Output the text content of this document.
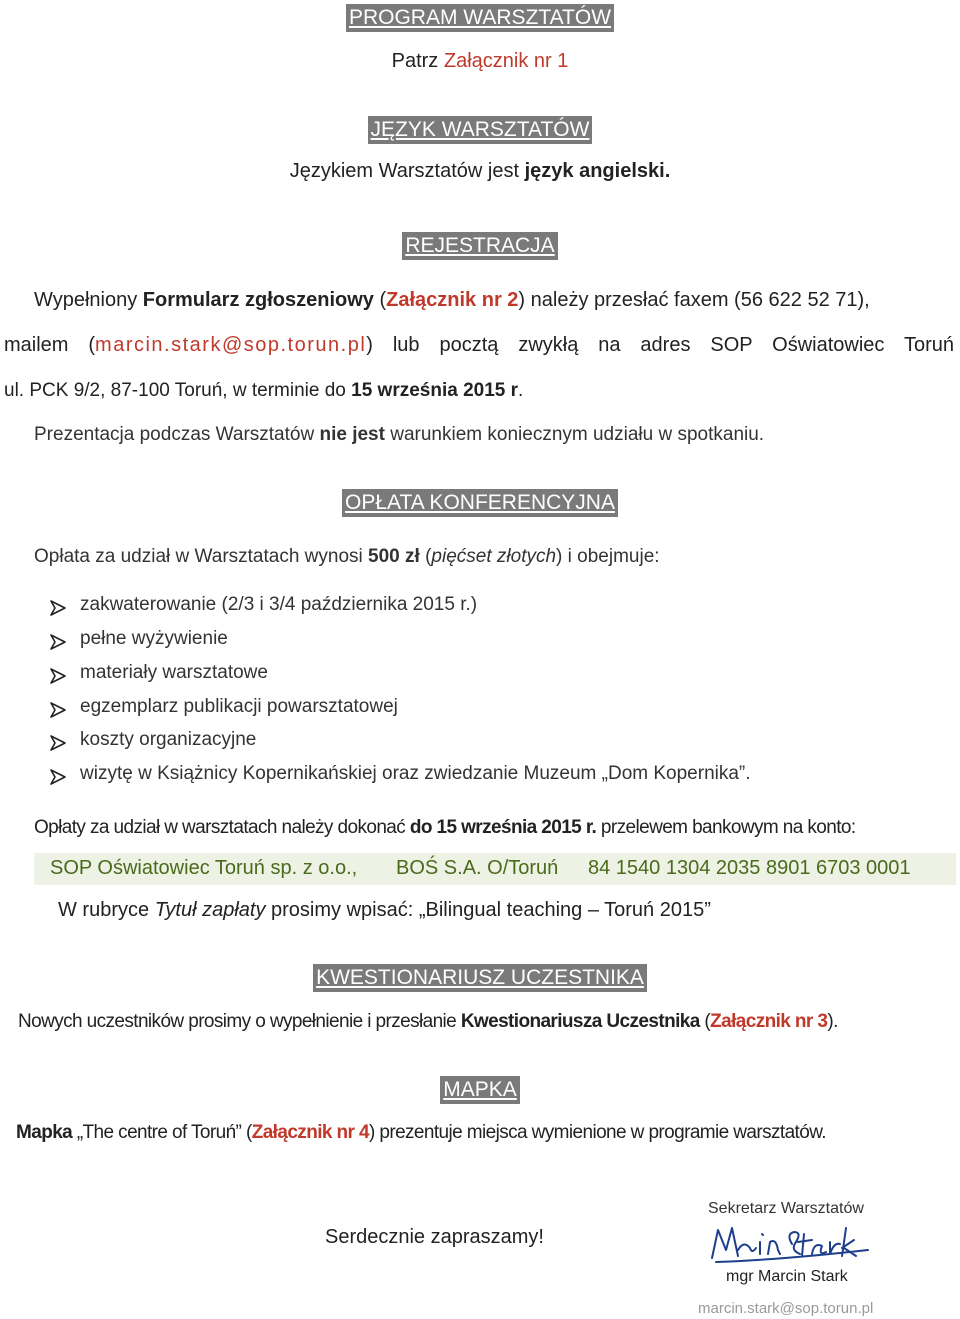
PROGRAM WARSZTATÓW
Patrz Załącznik nr 1
JĘZYK WARSZTATÓW
Językiem Warsztatów jest język angielski.
REJESTRACJA
Wypełniony Formularz zgłoszeniowy (Załącznik nr 2) należy przesłać faxem (56 622 52 71),
mailem (marcin.stark@sop.torun.pl) lub pocztą zwykłą na adres SOP Oświatowiec Toruń
ul. PCK 9/2, 87-100 Toruń, w terminie do 15 września 2015 r.
Prezentacja podczas Warsztatów nie jest warunkiem koniecznym udziału w spotkaniu.
OPŁATA KONFERENCYJNA
Opłata za udział w Warsztatach wynosi 500 zł (pięćset złotych) i obejmuje:
zakwaterowanie (2/3 i 3/4 października 2015 r.)
pełne wyżywienie
materiały warsztatowe
egzemplarz publikacji powarsztatowej
koszty organizacyjne
wizytę w Książnicy Kopernikańskiej oraz zwiedzanie Muzeum „Dom Kopernika”.
Opłaty za udział w warsztatach należy dokonać do 15 września 2015 r. przelewem bankowym na konto:
SOP Oświatowiec Toruń sp. z o.o., BOŚ S.A. O/Toruń 84 1540 1304 2035 8901 6703 0001
W rubryce Tytuł zapłaty prosimy wpisać: „Bilingual teaching – Toruń 2015”
KWESTIONARIUSZ UCZESTNIKA
Nowych uczestników prosimy o wypełnienie i przesłanie Kwestionariusza Uczestnika (Załącznik nr 3).
MAPKA
Mapka „The centre of Toruń” (Załącznik nr 4) prezentuje miejsca wymienione w programie warsztatów.
Serdecznie zapraszamy!
Sekretarz Warsztatów
mgr Marcin Stark
marcin.stark@sop.torun.pl
